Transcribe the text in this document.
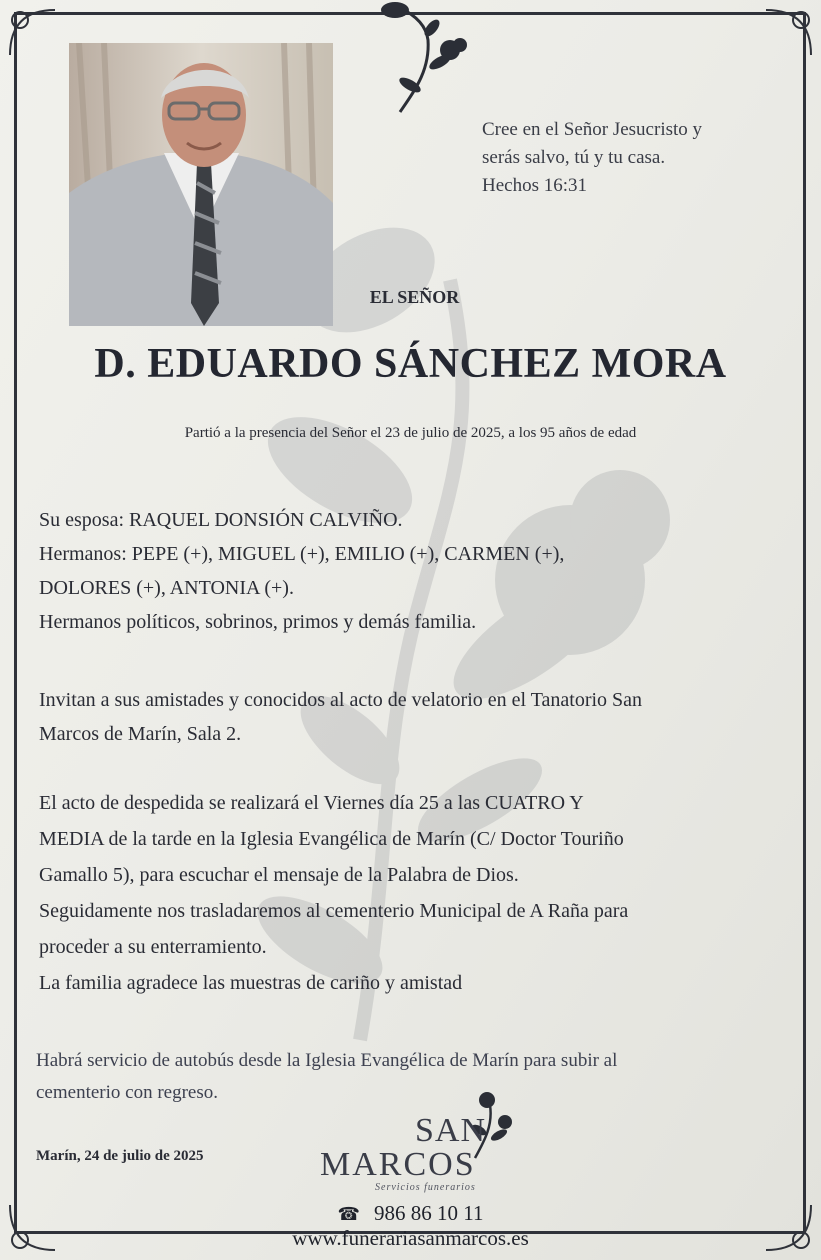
Cree en el Señor Jesucristo y
serás salvo, tú y tu casa.
Hechos 16:31
EL SEÑOR
D. EDUARDO SÁNCHEZ MORA
Partió a la presencia del Señor el 23 de julio de 2025, a los 95 años de edad
Su esposa: RAQUEL DONSIÓN CALVIÑO.
Hermanos: PEPE (+), MIGUEL (+), EMILIO (+), CARMEN (+),
DOLORES (+), ANTONIA (+).
Hermanos políticos, sobrinos, primos y demás familia.
Invitan a sus amistades y conocidos al acto de velatorio en el Tanatorio San
Marcos de Marín, Sala 2.
El acto de despedida se realizará el Viernes día 25 a las CUATRO Y
MEDIA de la tarde en la Iglesia Evangélica de Marín (C/ Doctor Touriño
Gamallo 5), para escuchar el mensaje de la Palabra de Dios.
Seguidamente nos trasladaremos al cementerio Municipal de A Raña para
proceder a su enterramiento.
La familia agradece las muestras de cariño y amistad
Habrá servicio de autobús desde la Iglesia Evangélica de Marín para subir al
cementerio con regreso.
Marín, 24 de julio de 2025
SAN
MARCOS
Servicios funerarios
☎ 986 86 10 11
www.funerariasanmarcos.es
